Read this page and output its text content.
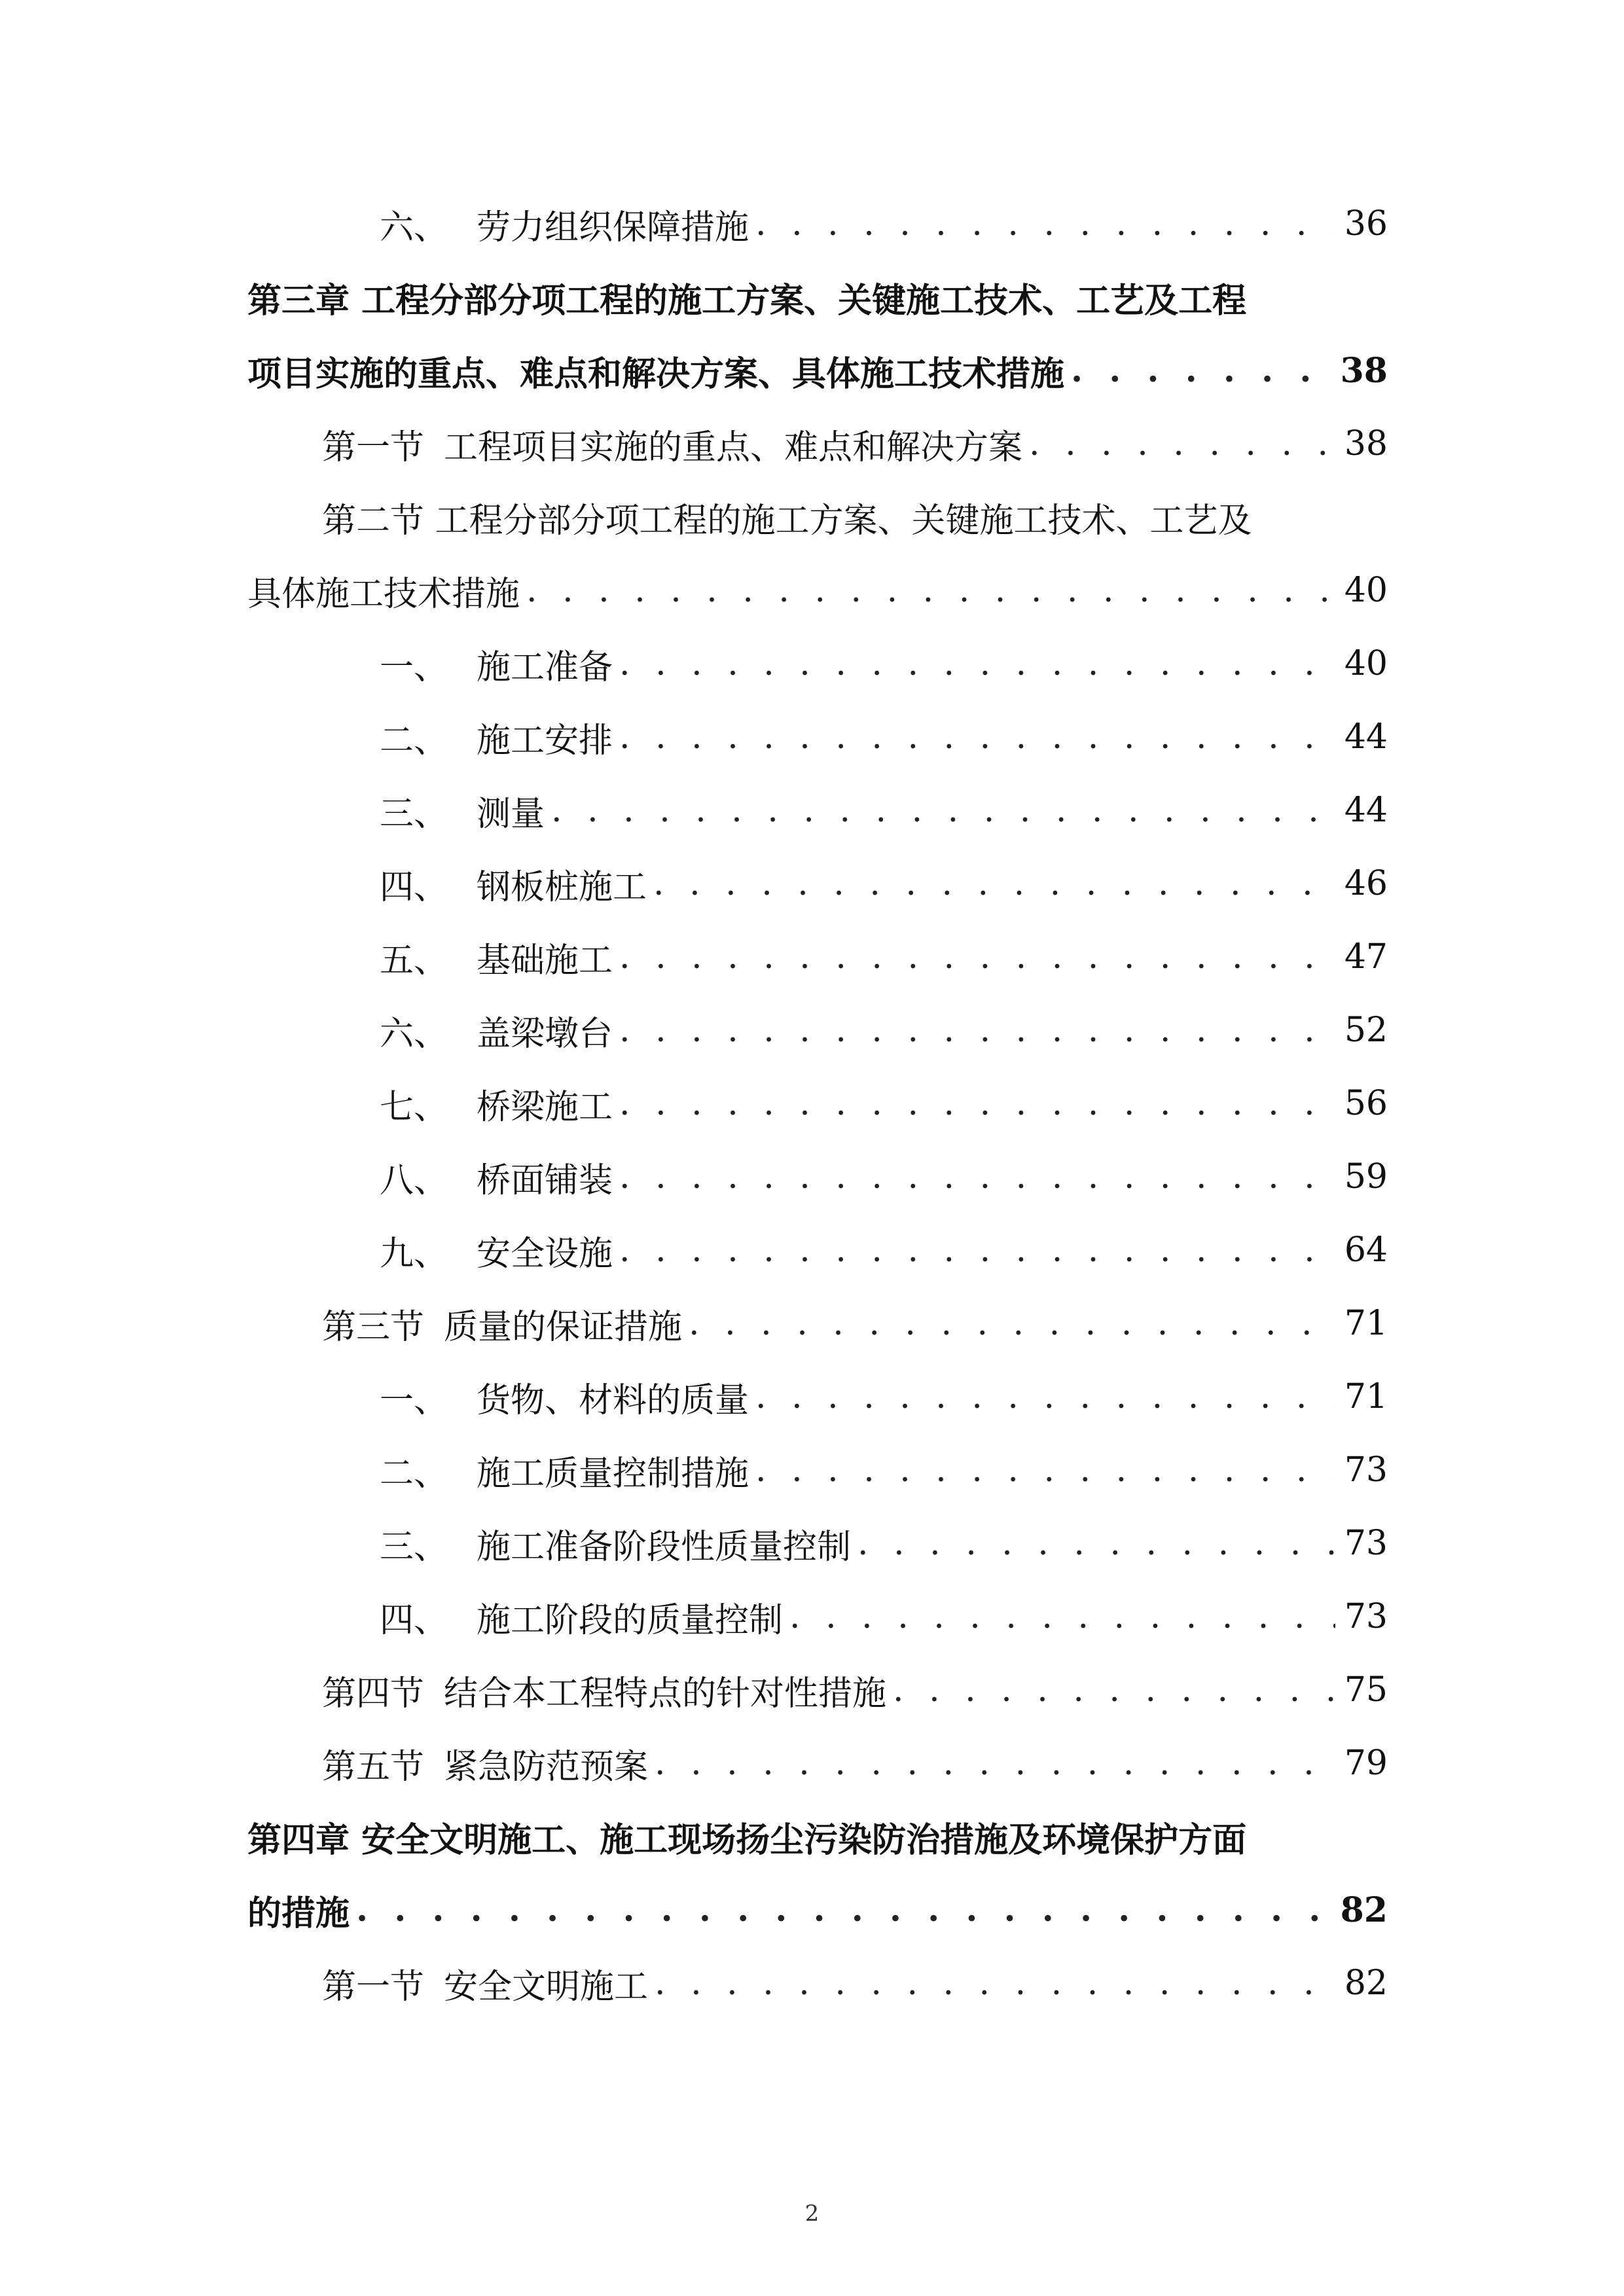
六、 劳力组织保障措施 . . .	36
第三章 工程分部分项工程的施工方案、关键施工技术、工艺及工程
项目实施的重点、难点和解决方案、具体施工技术措施 . . .	38
第一节 工程项目实施的重点、难点和解决方案 . . .	38
第二节 工程分部分项工程的施工方案、关键施工技术、工艺及
具体施工技术措施 . . .	40
一、 施工准备 . . .	40
二、 施工安排 . . .	44
三、 测量 . . .	44
四、 钢板桩施工 . . .	46
五、 基础施工 . . .	47
六、 盖梁墩台 . . .	52
七、 桥梁施工 . . .	56
八、 桥面铺装 . . .	59
九、 安全设施 . . .	64
第三节 质量的保证措施 . . .	71
一、 货物、材料的质量 . . .	71
二、 施工质量控制措施 . . .	73
三、 施工准备阶段性质量控制 . . .	73
四、 施工阶段的质量控制 . . .	73
第四节 结合本工程特点的针对性措施 . . .	75
第五节 紧急防范预案 . . .	79
第四章 安全文明施工、施工现场扬尘污染防治措施及环境保护方面
的措施 . . .	82
第一节 安全文明施工 . . .	82
2
